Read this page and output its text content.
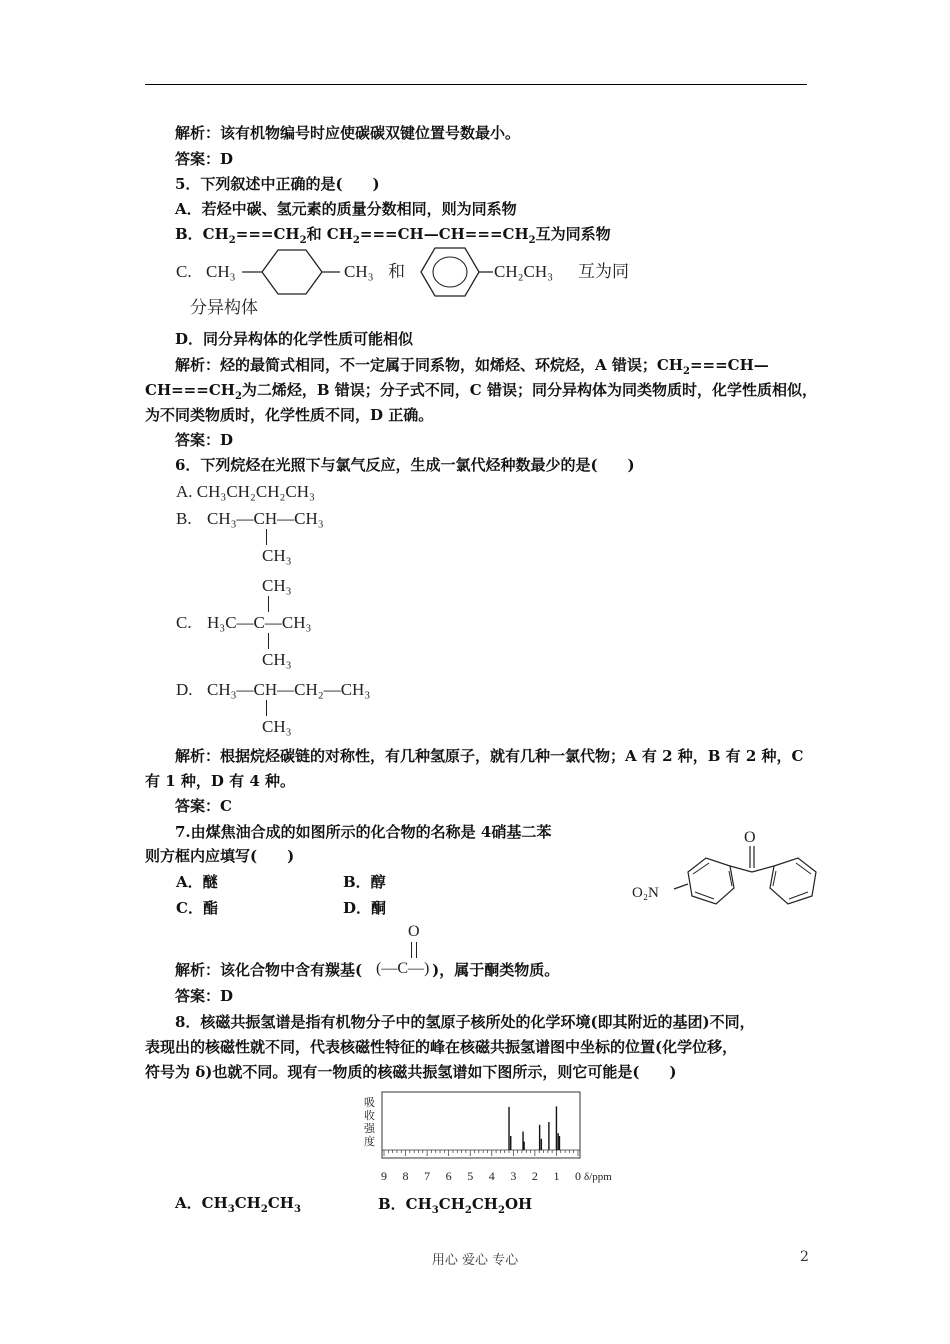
解析：该有机物编号时应使碳碳双键位置号数最小。
答案：D
5．下列叙述中正确的是(　　)
A．若烃中碳、氢元素的质量分数相同，则为同系物
B．$CH_2===CH_2$和 $CH_2===CH—CH===CH_2$互为同系物
C. CH₃	CH₃ 和	CH₂CH₃ 互为同
分异构体
D．同分异构体的化学性质可能相似
解析：烃的最简式相同，不一定属于同系物，如烯烃、环烷烃，A 错误；$CH_2===CH—$
$CH===CH_2$为二烯烃，B 错误；分子式不同，C 错误；同分异构体为同类物质时，化学性质相似，
为不同类物质时，化学性质不同，D 正确。
答案：D
6．下列烷烃在光照下与氯气反应，生成一氯代烃种数最少的是(　　)
A. CH₃CH₂CH₂CH₃
B. CH₃—CH—CH₃
CH₃
CH₃
C. H₃C—C—CH₃
CH₃
D. CH₃—CH—CH₂—CH₃
CH₃
解析：根据烷烃碳链的对称性，有几种氢原子，就有几种一氯代物；A 有 2 种，B 有 2 种，C
有 1 种，D 有 4 种。
答案：C
7.由煤焦油合成的如图所示的化合物的名称是 4硝基二苯
则方框内应填写(　　)
A．醚	B．醇
C．酯	D．酮
O
O₂N
解析：该化合物中含有羰基(	)，属于酮类物质。
O
(—C—)
答案：D
8．核磁共振氢谱是指有机物分子中的氢原子核所处的化学环境(即其附近的基团)不同，
表现出的核磁性就不同，代表核磁性特征的峰在核磁共振氢谱图中坐标的位置(化学位移，
符号为 δ)也就不同。现有一物质的核磁共振氢谱如下图所示，则它可能是(　　)
吸
收
强
度
9 8 7 6 5 4 3 2 1 0 δ/ppm
A．$CH_3CH_2CH_3$	B．$CH_3CH_2CH_2OH$
用心 爱心 专心	2
